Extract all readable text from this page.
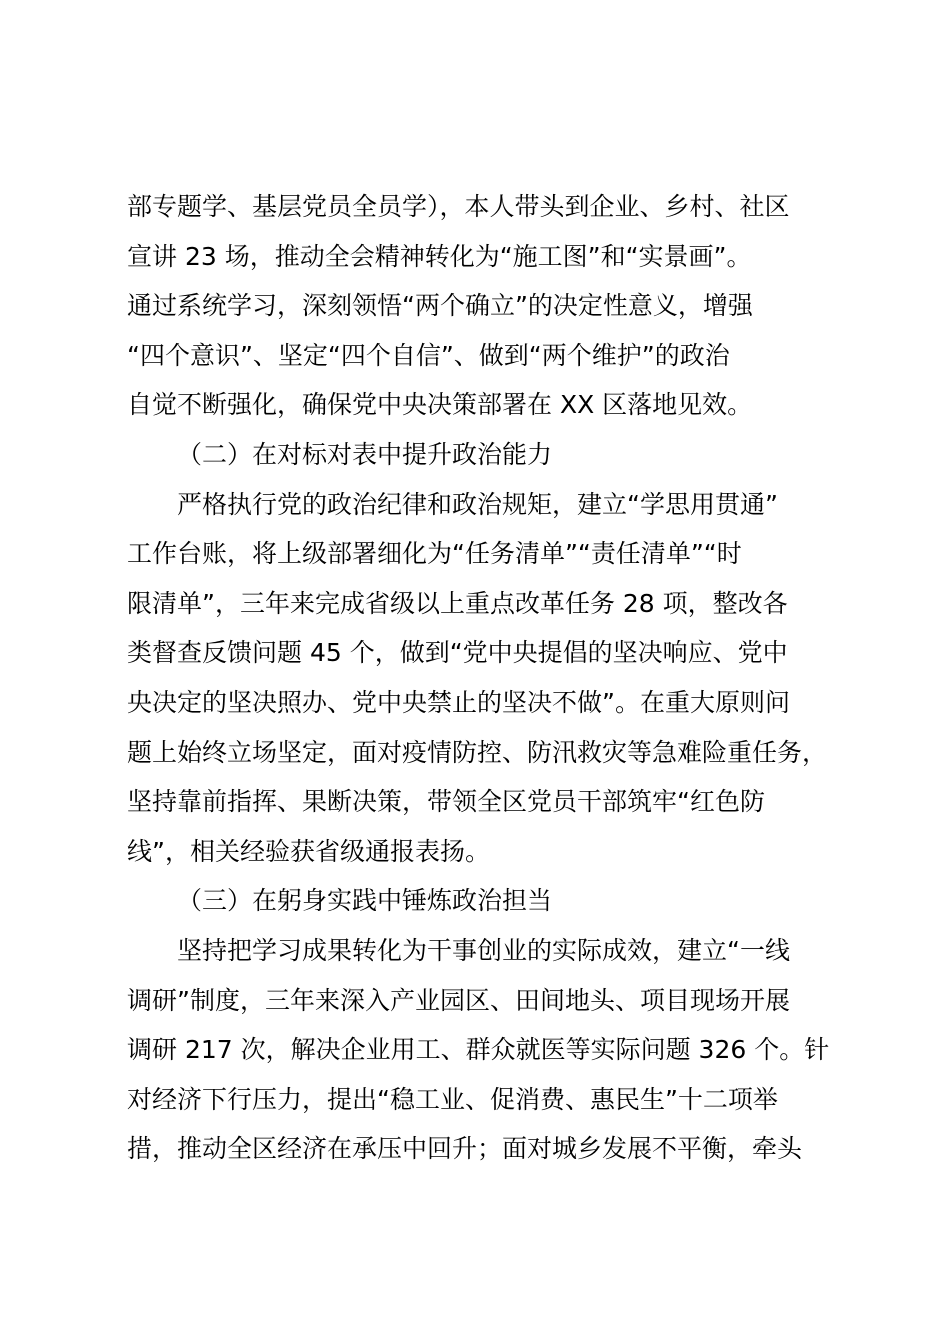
部专题学、基层党员全员学），本人带头到企业、乡村、社区
宣讲 23 场，推动全会精神转化为“施工图”和“实景画”。
通过系统学习，深刻领悟“两个确立”的决定性意义，增强
“四个意识”、坚定“四个自信”、做到“两个维护”的政治
自觉不断强化，确保党中央决策部署在 XX 区落地见效。
（二）在对标对表中提升政治能力
严格执行党的政治纪律和政治规矩，建立“学思用贯通”
工作台账，将上级部署细化为“任务清单”“责任清单”“时
限清单”，三年来完成省级以上重点改革任务 28 项，整改各
类督查反馈问题 45 个，做到“党中央提倡的坚决响应、党中
央决定的坚决照办、党中央禁止的坚决不做”。在重大原则问
题上始终立场坚定，面对疫情防控、防汛救灾等急难险重任务，
坚持靠前指挥、果断决策，带领全区党员干部筑牢“红色防
线”，相关经验获省级通报表扬。
（三）在躬身实践中锤炼政治担当
坚持把学习成果转化为干事创业的实际成效，建立“一线
调研”制度，三年来深入产业园区、田间地头、项目现场开展
调研 217 次，解决企业用工、群众就医等实际问题 326 个。针
对经济下行压力，提出“稳工业、促消费、惠民生”十二项举
措，推动全区经济在承压中回升；面对城乡发展不平衡，牵头
